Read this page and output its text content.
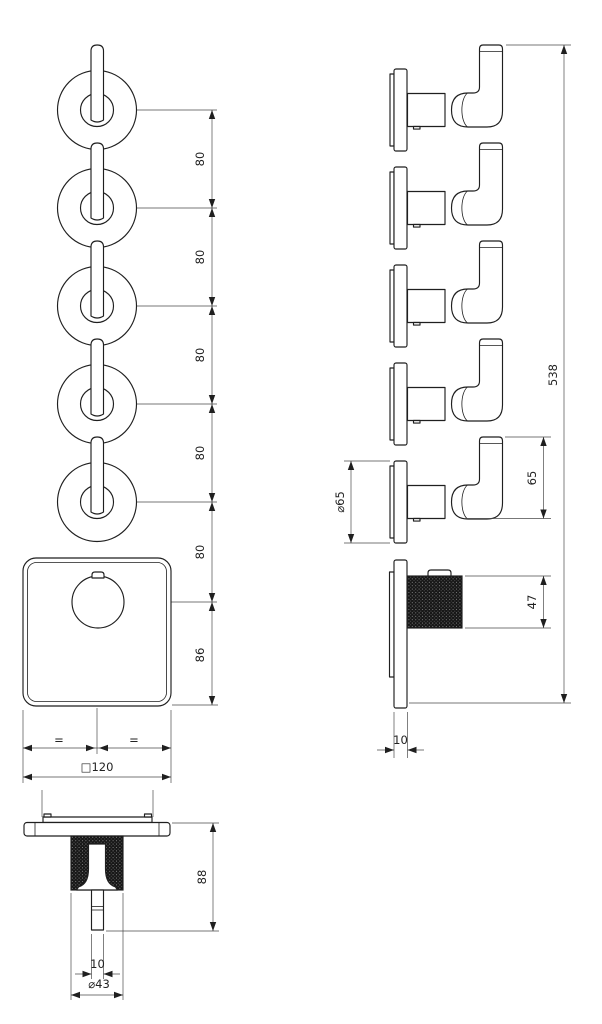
80
80
80
80
80
86
=	=
□120
88
10
⌀43
538
⌀65
65
47
10
